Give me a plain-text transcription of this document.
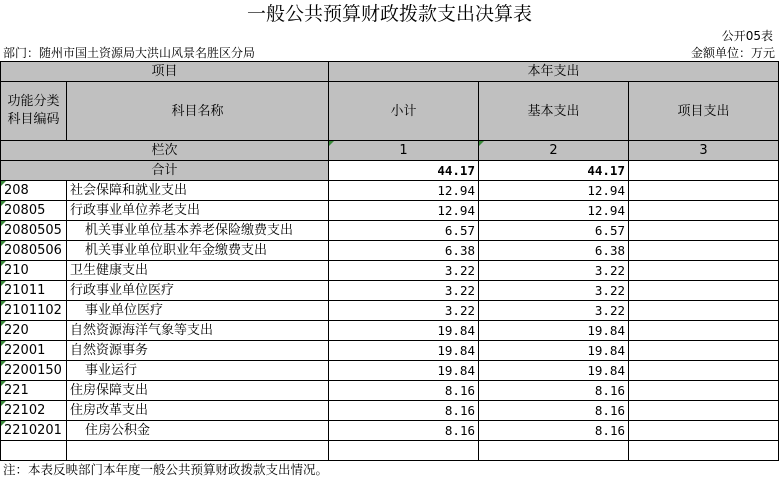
一般公共预算财政拨款支出决算表
公开05表
部门：随州市国土资源局大洪山风景名胜区分局	金额单位：万元
项目		本年支出		
功能分类科目编码	科目名称	小计	基本支出	项目支出
栏次		1	2	3
合计		44.17	44.17	
208	社会保障和就业支出	12.94	12.94	
20805	行政事业单位养老支出	12.94	12.94	
2080505	机关事业单位基本养老保险缴费支出	6.57	6.57	
2080506	机关事业单位职业年金缴费支出	6.38	6.38	
210	卫生健康支出	3.22	3.22	
21011	行政事业单位医疗	3.22	3.22	
2101102	事业单位医疗	3.22	3.22	
220	自然资源海洋气象等支出	19.84	19.84	
22001	自然资源事务	19.84	19.84	
2200150	事业运行	19.84	19.84	
221	住房保障支出	8.16	8.16	
22102	住房改革支出	8.16	8.16	
2210201	住房公积金	8.16	8.16	

注：本表反映部门本年度一般公共预算财政拨款支出情况。
